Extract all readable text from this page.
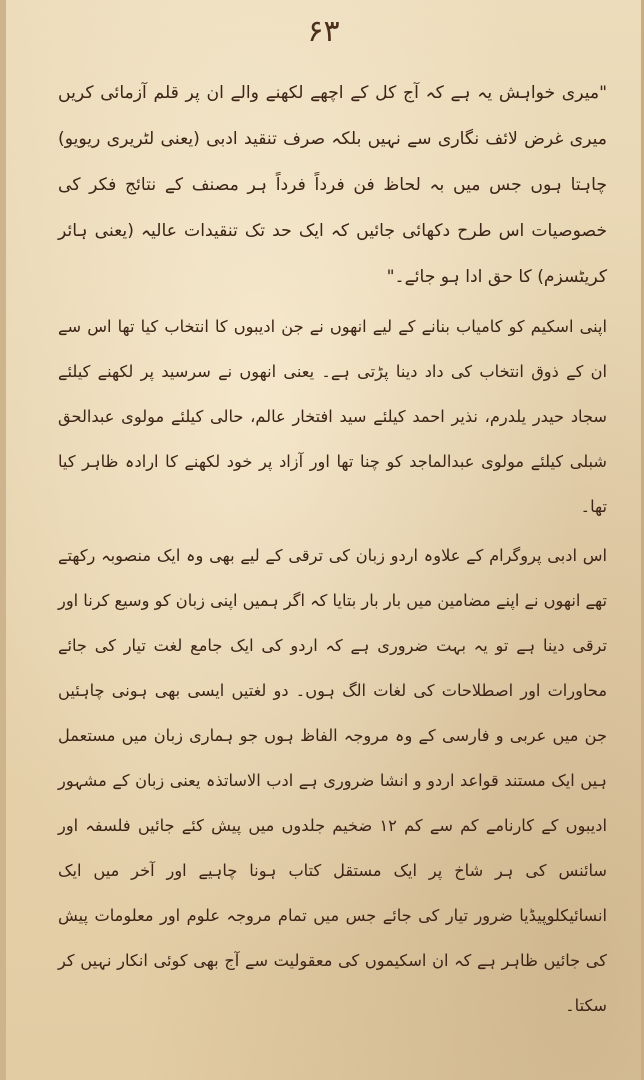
۶۳

"میری خواہش یہ ہے کہ آج کل کے اچھے لکھنے والے ان پر قلم آزمائی کریں میری غرض لائف نگاری سے نہیں بلکہ صرف تنقید ادبی (یعنی لٹریری ریویو) چاہتا ہوں جس میں بہ لحاظ فن فرداً فرداً ہر مصنف کے نتائج فکر کی خصوصیات اس طرح دکھائی جائیں کہ ایک حد تک تنقیدات عالیہ (یعنی ہائر کریٹسزم) کا حق ادا ہو جائے۔"

اپنی اسکیم کو کامیاب بنانے کے لیے انھوں نے جن ادیبوں کا انتخاب کیا تھا اس سے ان کے ذوق انتخاب کی داد دینا پڑتی ہے۔ یعنی انھوں نے سرسید پر لکھنے کیلئے سجاد حیدر یلدرم، نذیر احمد کیلئے سید افتخار عالم، حالی کیلئے مولوی عبدالحق شبلی کیلئے مولوی عبدالماجد کو چنا تھا اور آزاد پر خود لکھنے کا ارادہ ظاہر کیا تھا۔

اس ادبی پروگرام کے علاوہ اردو زبان کی ترقی کے لیے بھی وہ ایک منصوبہ رکھتے تھے انھوں نے اپنے مضامین میں بار بار بتایا کہ اگر ہمیں اپنی زبان کو وسیع کرنا اور ترقی دینا ہے تو یہ بہت ضروری ہے کہ اردو کی ایک جامع لغت تیار کی جائے محاورات اور اصطلاحات کی لغات الگ ہوں۔ دو لغتیں ایسی بھی ہونی چاہئیں جن میں عربی و فارسی کے وہ مروجہ الفاظ ہوں جو ہماری زبان میں مستعمل ہیں ایک مستند قواعد اردو و انشا ضروری ہے ادب الاساتذہ یعنی زبان کے مشہور ادیبوں کے کارنامے کم سے کم ۱۲ ضخیم جلدوں میں پیش کئے جائیں فلسفہ اور سائنس کی ہر شاخ پر ایک مستقل کتاب ہونا چاہیے اور آخر میں ایک انسائیکلوپیڈیا ضرور تیار کی جائے جس میں تمام مروجہ علوم اور معلومات پیش کی جائیں ظاہر ہے کہ ان اسکیموں کی معقولیت سے آج بھی کوئی انکار نہیں کر سکتا۔
